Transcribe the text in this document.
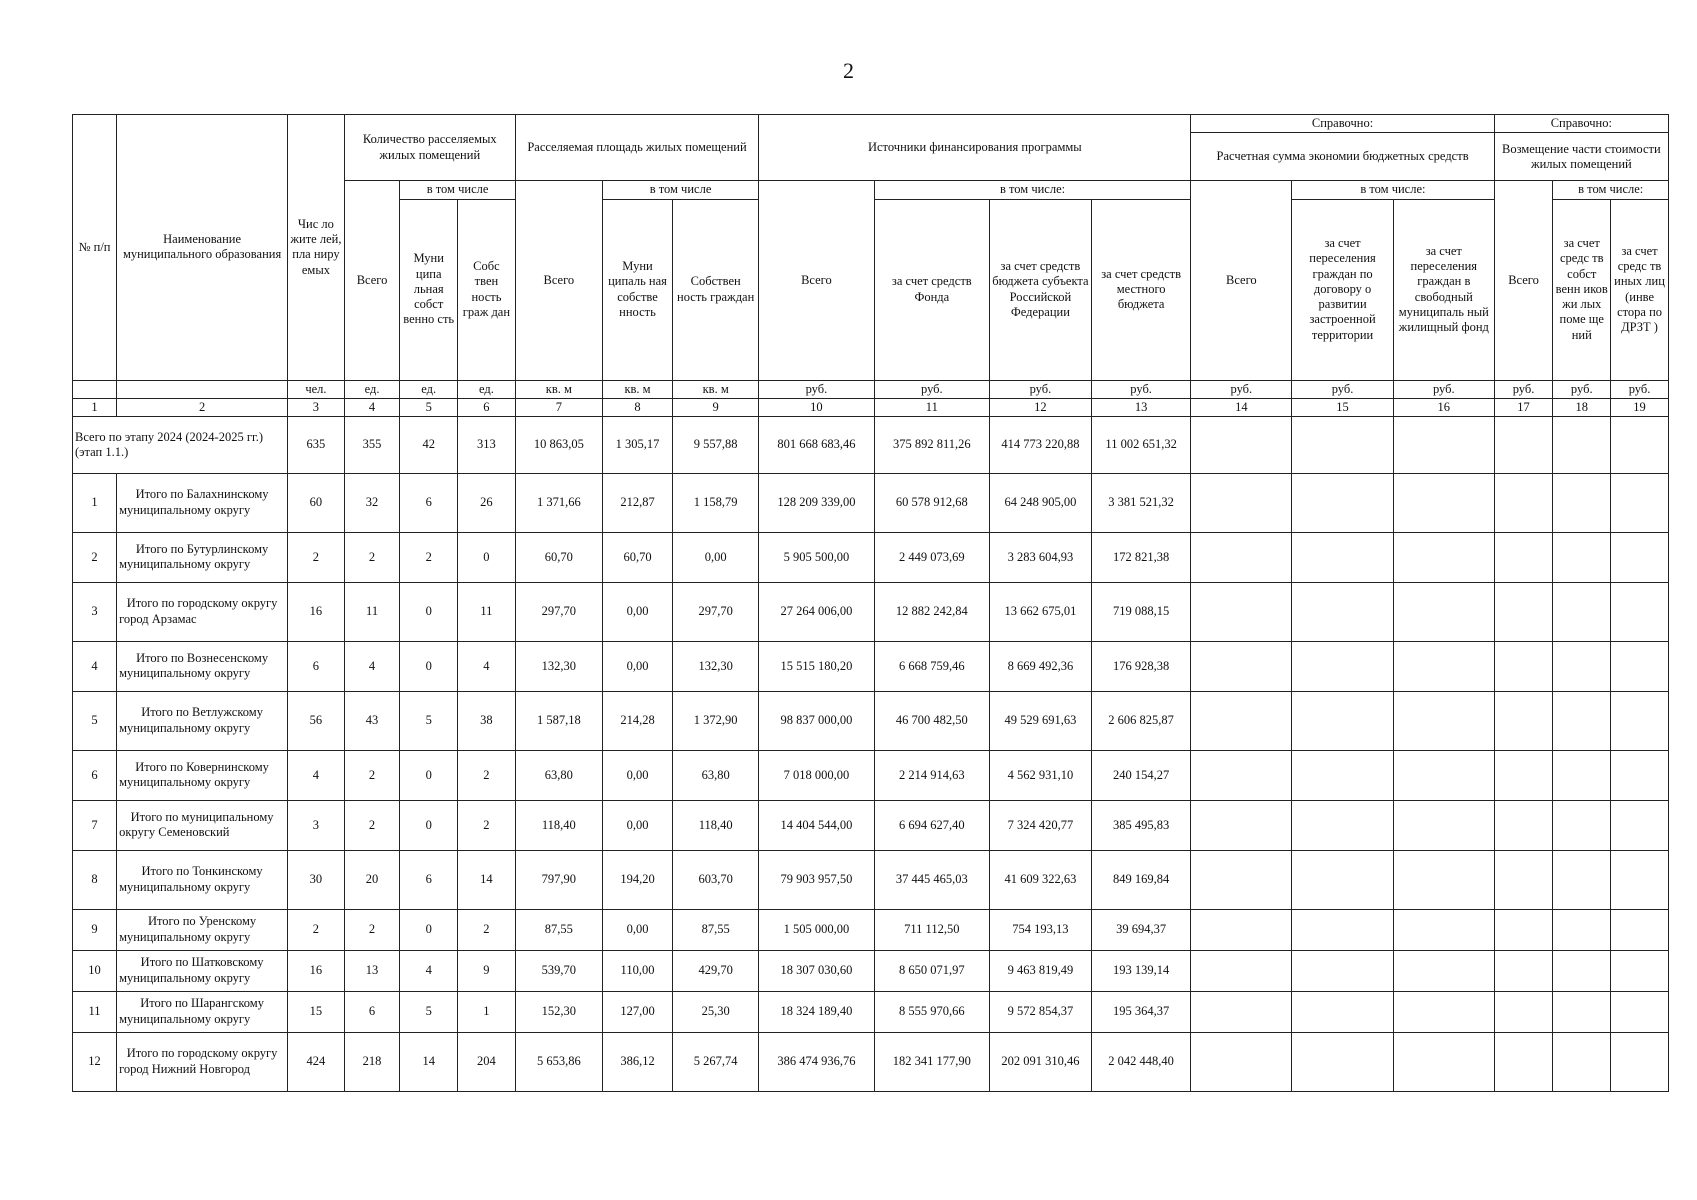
2
№ п/п	Наименование муниципального образования	Чис ло жите лей, пла ниру емых	Количество расселяемых жилых помещений			Расселяемая площадь жилых помещений			Источники финансирования программы				Справочно:			Справочно:		
													Расчетная сумма экономии бюджетных средств			Возмещение части стоимости жилых помещений		
			Всего	в том числе		Всего	в том числе		Всего	в том числе:			Всего	в том числе:		Всего	в том числе:	
				Муни ципа льная собст венно сть	Собс твен ность граж дан		Муни ципаль ная собстве нность	Собствен ность граждан		за счет средств Фонда	за счет средств бюджета субъекта Российской Федерации	за счет средств местного бюджета		за счет переселения граждан по договору о развитии застроенной территории	за счет переселения граждан в свободный муниципаль ный жилищный фонд		за счет средс тв собст венн иков жи лых поме ще ний	за счет средс тв иных лиц (инве стора по ДРЗТ )
		чел.	ед.	ед.	ед.	кв. м	кв. м	кв. м	руб.	руб.	руб.	руб.	руб.	руб.	руб.	руб.	руб.	руб.
1	2	3	4	5	6	7	8	9	10	11	12	13	14	15	16	17	18	19
Всего по этапу 2024 (2024-2025 гг.) (этап 1.1.)		635	355	42	313	10 863,05	1 305,17	9 557,88	801 668 683,46	375 892 811,26	414 773 220,88	11 002 651,32						
1	Итого по Балахнинскому муниципальному округу	60	32	6	26	1 371,66	212,87	1 158,79	128 209 339,00	60 578 912,68	64 248 905,00	3 381 521,32						
2	Итого по Бутурлинскому муниципальному округу	2	2	2	0	60,70	60,70	0,00	5 905 500,00	2 449 073,69	3 283 604,93	172 821,38						
3	Итого по городскому округу город Арзамас	16	11	0	11	297,70	0,00	297,70	27 264 006,00	12 882 242,84	13 662 675,01	719 088,15						
4	Итого по Вознесенскому муниципальному округу	6	4	0	4	132,30	0,00	132,30	15 515 180,20	6 668 759,46	8 669 492,36	176 928,38						
5	Итого по Ветлужскому муниципальному округу	56	43	5	38	1 587,18	214,28	1 372,90	98 837 000,00	46 700 482,50	49 529 691,63	2 606 825,87						
6	Итого по Ковернинскому муниципальному округу	4	2	0	2	63,80	0,00	63,80	7 018 000,00	2 214 914,63	4 562 931,10	240 154,27						
7	Итого по муниципальному округу Семеновский	3	2	0	2	118,40	0,00	118,40	14 404 544,00	6 694 627,40	7 324 420,77	385 495,83						
8	Итого по Тонкинскому муниципальному округу	30	20	6	14	797,90	194,20	603,70	79 903 957,50	37 445 465,03	41 609 322,63	849 169,84						
9	Итого по Уренскому муниципальному округу	2	2	0	2	87,55	0,00	87,55	1 505 000,00	711 112,50	754 193,13	39 694,37						
10	Итого по Шатковскому муниципальному округу	16	13	4	9	539,70	110,00	429,70	18 307 030,60	8 650 071,97	9 463 819,49	193 139,14						
11	Итого по Шарангскому муниципальному округу	15	6	5	1	152,30	127,00	25,30	18 324 189,40	8 555 970,66	9 572 854,37	195 364,37						
12	Итого по городскому округу город Нижний Новгород	424	218	14	204	5 653,86	386,12	5 267,74	386 474 936,76	182 341 177,90	202 091 310,46	2 042 448,40						
